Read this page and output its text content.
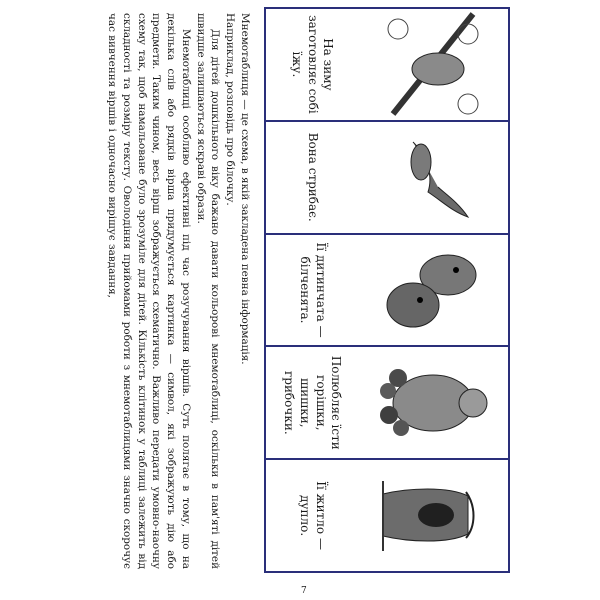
Її житло — дупло.
Полюбляє їсти горішки, шишки, грибочки.
Її дитинчата — білченята.
Вона стрибає.
На зиму заготовляє собі їжу.

Мнемотаблиця — це схема, в якій закладена певна інформація.

Наприклад, розповідь про білочку.

Для дітей дошкільного віку бажано давати кольорові мнемотаблиці, оскільки в пам'яті дітей швидше залишаються яскраві образи.

Мнемотаблиці особливо ефективні під час розучування віршів. Суть полягає в тому, що на декілька слів або рядків вірша придумується картинка — символ, які зображують дію або предмети. Таким чином, весь вірш зображується схематично. Важливо передати умовно-наочну схему так, щоб намальоване було зрозуміле для дітей. Кількість клітинок у таблиці залежить від складності та розміру тексту. Оволодіння прийомами роботи з мнемотаблицями значно скорочує час вивчення віршів і одночасно вирішує завдання,

7
